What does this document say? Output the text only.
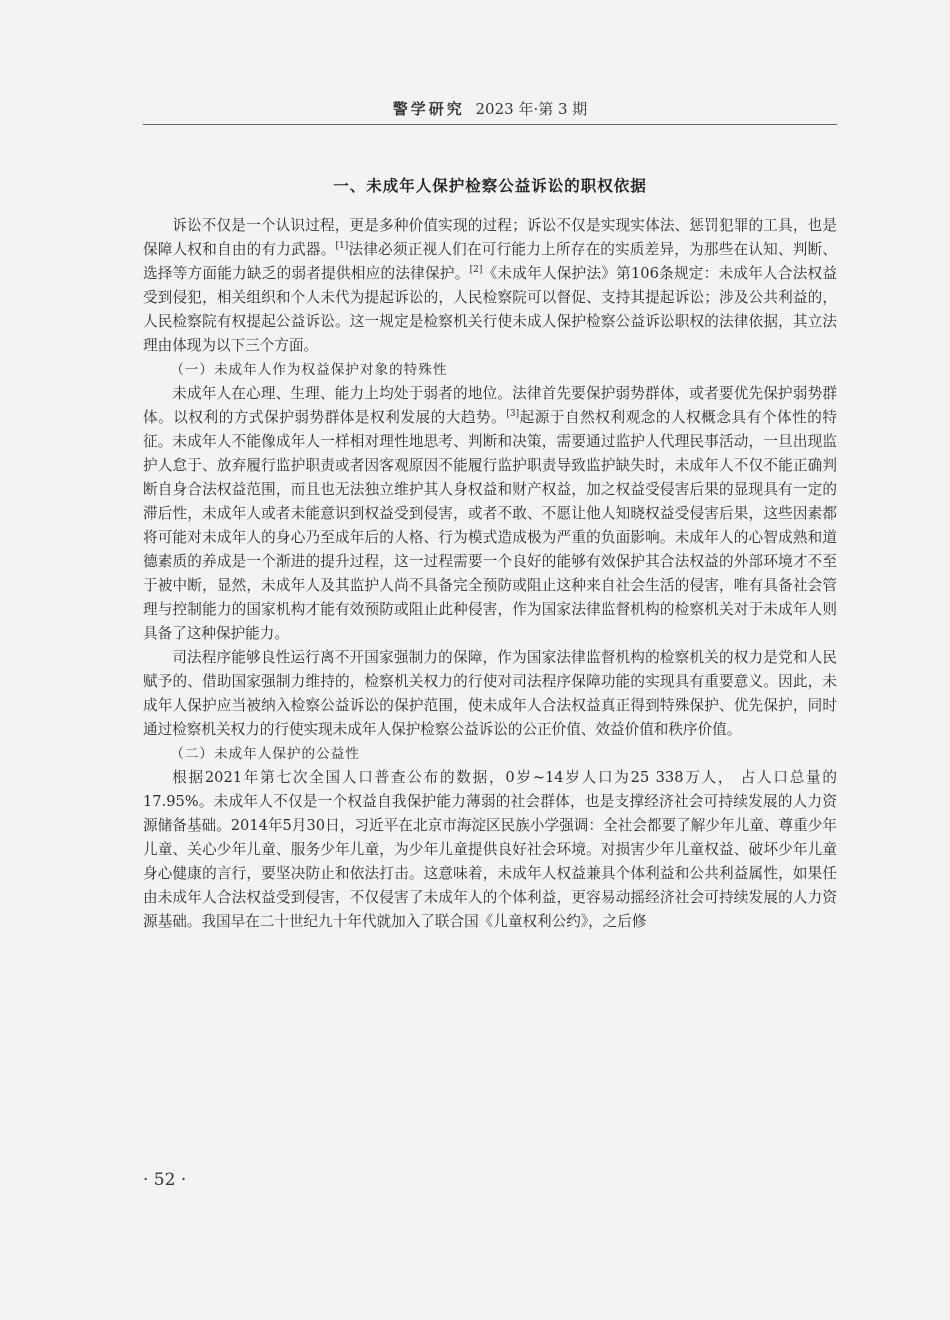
警学研究 2023 年·第 3 期
一、未成年人保护检察公益诉讼的职权依据

诉讼不仅是一个认识过程，更是多种价值实现的过程；诉讼不仅是实现实体法、惩罚犯罪的工具，也是保障人权和自由的有力武器。[1]法律必须正视人们在可行能力上所存在的实质差异，为那些在认知、判断、选择等方面能力缺乏的弱者提供相应的法律保护。[2]《未成年人保护法》第106条规定：未成年人合法权益受到侵犯，相关组织和个人未代为提起诉讼的，人民检察院可以督促、支持其提起诉讼；涉及公共利益的，人民检察院有权提起公益诉讼。这一规定是检察机关行使未成人保护检察公益诉讼职权的法律依据，其立法理由体现为以下三个方面。

（一）未成年人作为权益保护对象的特殊性

未成年人在心理、生理、能力上均处于弱者的地位。法律首先要保护弱势群体，或者要优先保护弱势群体。以权利的方式保护弱势群体是权利发展的大趋势。[3]起源于自然权利观念的人权概念具有个体性的特征。未成年人不能像成年人一样相对理性地思考、判断和决策，需要通过监护人代理民事活动，一旦出现监护人怠于、放弃履行监护职责或者因客观原因不能履行监护职责导致监护缺失时，未成年人不仅不能正确判断自身合法权益范围，而且也无法独立维护其人身权益和财产权益，加之权益受侵害后果的显现具有一定的滞后性，未成年人或者未能意识到权益受到侵害，或者不敢、不愿让他人知晓权益受侵害后果，这些因素都将可能对未成年人的身心乃至成年后的人格、行为模式造成极为严重的负面影响。未成年人的心智成熟和道德素质的养成是一个渐进的提升过程，这一过程需要一个良好的能够有效保护其合法权益的外部环境才不至于被中断，显然，未成年人及其监护人尚不具备完全预防或阻止这种来自社会生活的侵害，唯有具备社会管理与控制能力的国家机构才能有效预防或阻止此种侵害，作为国家法律监督机构的检察机关对于未成年人则具备了这种保护能力。

司法程序能够良性运行离不开国家强制力的保障，作为国家法律监督机构的检察机关的权力是党和人民赋予的、借助国家强制力维持的，检察机关权力的行使对司法程序保障功能的实现具有重要意义。因此，未成年人保护应当被纳入检察公益诉讼的保护范围，使未成年人合法权益真正得到特殊保护、优先保护，同时通过检察机关权力的行使实现未成年人保护检察公益诉讼的公正价值、效益价值和秩序价值。

（二）未成年人保护的公益性

根据2021年第七次全国人口普查公布的数据，0岁~14岁人口为25 338万人， 占人口总量的17.95%。未成年人不仅是一个权益自我保护能力薄弱的社会群体，也是支撑经济社会可持续发展的人力资源储备基础。2014年5月30日，习近平在北京市海淀区民族小学强调：全社会都要了解少年儿童、尊重少年儿童、关心少年儿童、服务少年儿童，为少年儿童提供良好社会环境。对损害少年儿童权益、破坏少年儿童身心健康的言行，要坚决防止和依法打击。这意味着，未成年人权益兼具个体利益和公共利益属性，如果任由未成年人合法权益受到侵害，不仅侵害了未成年人的个体利益，更容易动摇经济社会可持续发展的人力资源基础。我国早在二十世纪九十年代就加入了联合国《儿童权利公约》，之后修

· 52 ·
